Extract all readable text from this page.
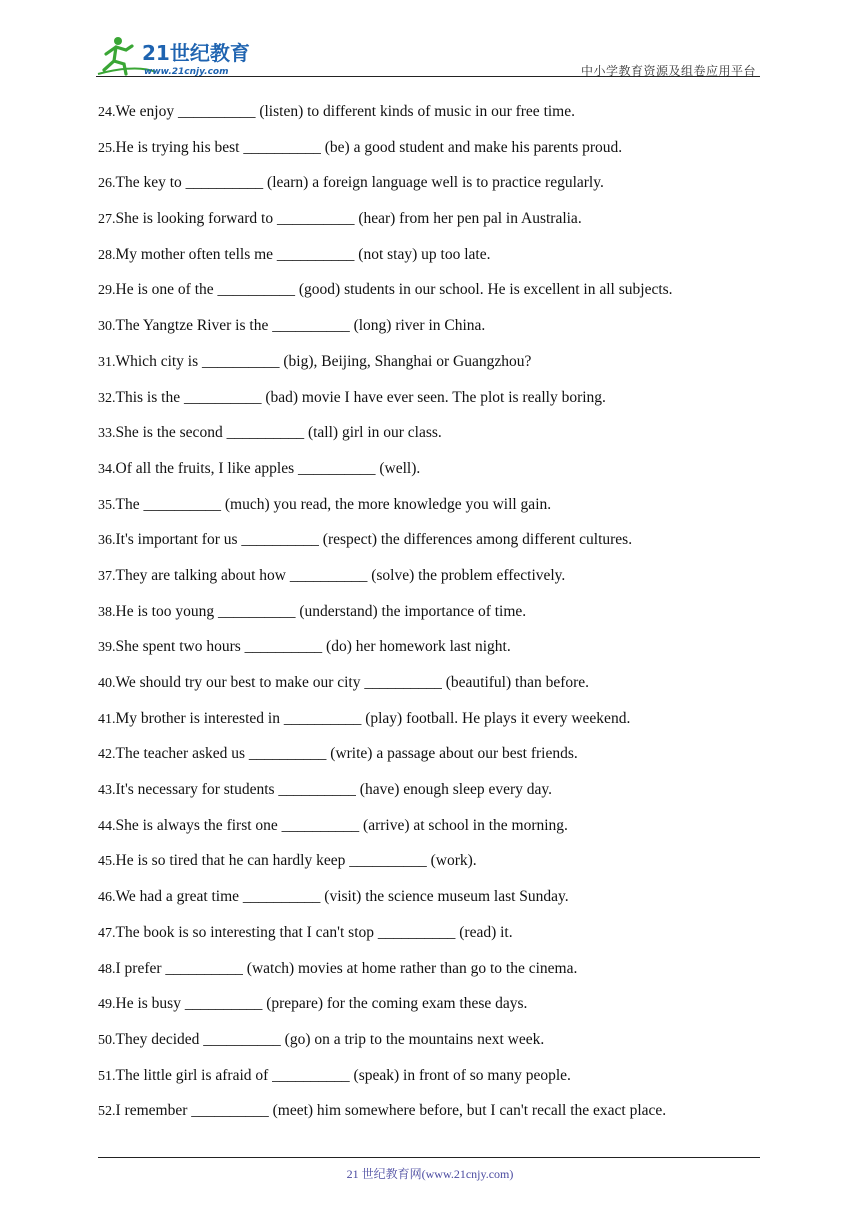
21世纪教育
www.21cnjy.com	中小学教育资源及组卷应用平台
24.We enjoy __________ (listen) to different kinds of music in our free time.
25.He is trying his best __________ (be) a good student and make his parents proud.
26.The key to __________ (learn) a foreign language well is to practice regularly.
27.She is looking forward to __________ (hear) from her pen pal in Australia.
28.My mother often tells me __________ (not stay) up too late.
29.He is one of the __________ (good) students in our school. He is excellent in all subjects.
30.The Yangtze River is the __________ (long) river in China.
31.Which city is __________ (big), Beijing, Shanghai or Guangzhou?
32.This is the __________ (bad) movie I have ever seen. The plot is really boring.
33.She is the second __________ (tall) girl in our class.
34.Of all the fruits, I like apples __________ (well).
35.The __________ (much) you read, the more knowledge you will gain.
36.It's important for us __________ (respect) the differences among different cultures.
37.They are talking about how __________ (solve) the problem effectively.
38.He is too young __________ (understand) the importance of time.
39.She spent two hours __________ (do) her homework last night.
40.We should try our best to make our city __________ (beautiful) than before.
41.My brother is interested in __________ (play) football. He plays it every weekend.
42.The teacher asked us __________ (write) a passage about our best friends.
43.It's necessary for students __________ (have) enough sleep every day.
44.She is always the first one __________ (arrive) at school in the morning.
45.He is so tired that he can hardly keep __________ (work).
46.We had a great time __________ (visit) the science museum last Sunday.
47.The book is so interesting that I can't stop __________ (read) it.
48.I prefer __________ (watch) movies at home rather than go to the cinema.
49.He is busy __________ (prepare) for the coming exam these days.
50.They decided __________ (go) on a trip to the mountains next week.
51.The little girl is afraid of __________ (speak) in front of so many people.
52.I remember __________ (meet) him somewhere before, but I can't recall the exact place.
21 世纪教育网(www.21cnjy.com)
